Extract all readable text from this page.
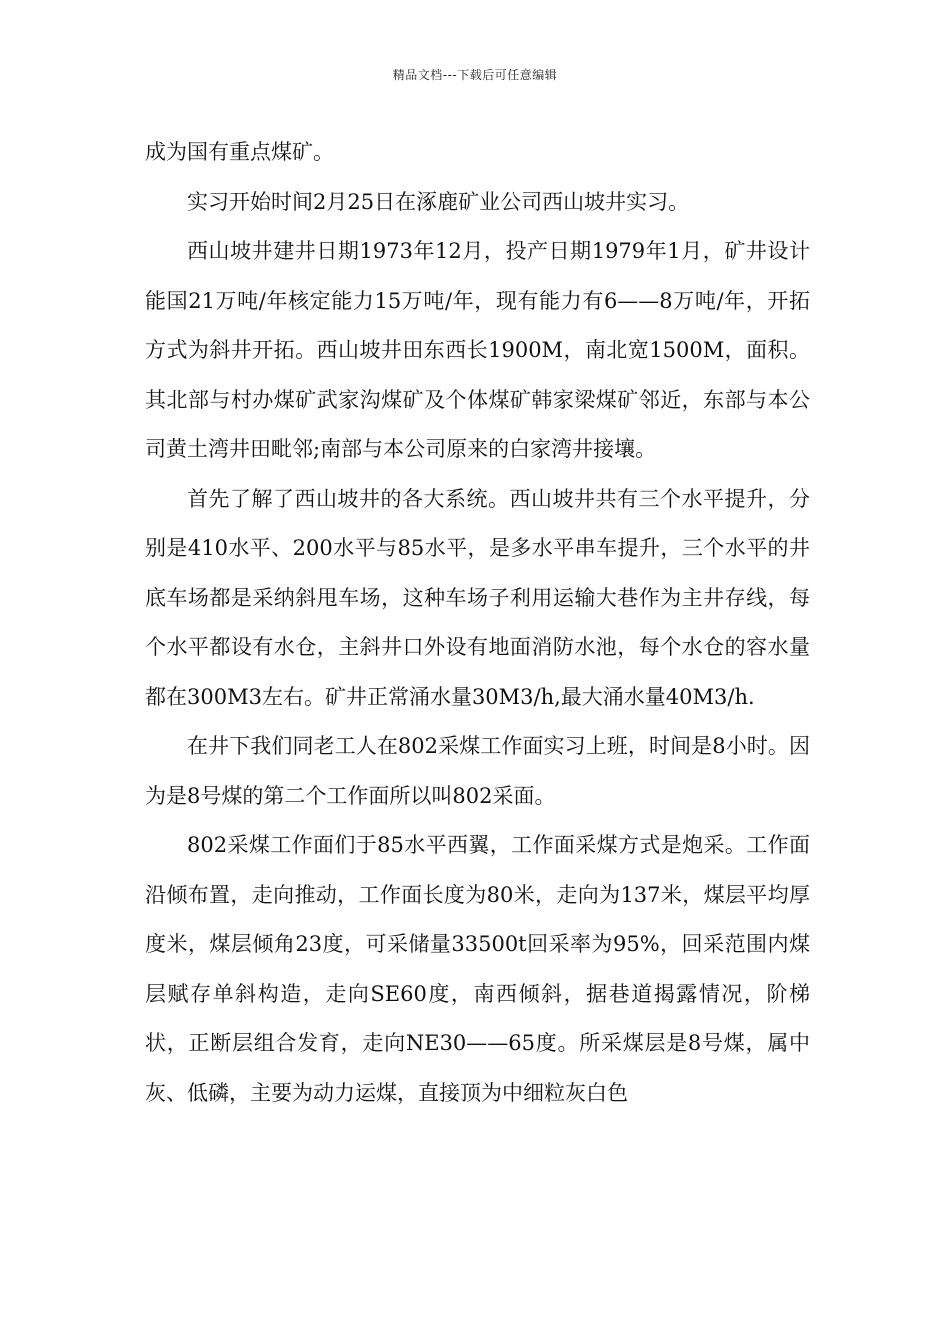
精品文档---下载后可任意编辑

成为国有重点煤矿。

实习开始时间2月25日在涿鹿矿业公司西山坡井实习。

西山坡井建井日期1973年12月，投产日期1979年1月，矿井设计能国21万吨/年核定能力15万吨/年，现有能力有6——8万吨/年，开拓方式为斜井开拓。西山坡井田东西长1900M，南北宽1500M，面积。其北部与村办煤矿武家沟煤矿及个体煤矿韩家梁煤矿邻近，东部与本公司黄土湾井田毗邻;南部与本公司原来的白家湾井接壤。

首先了解了西山坡井的各大系统。西山坡井共有三个水平提升，分别是410水平、200水平与85水平，是多水平串车提升，三个水平的井底车场都是采纳斜甩车场，这种车场子利用运输大巷作为主井存线，每个水平都设有水仓，主斜井口外设有地面消防水池，每个水仓的容水量都在300M3左右。矿井正常涌水量30M3/h,最大涌水量40M3/h.

在井下我们同老工人在802采煤工作面实习上班，时间是8小时。因为是8号煤的第二个工作面所以叫802采面。

802采煤工作面们于85水平西翼，工作面采煤方式是炮采。工作面沿倾布置，走向推动，工作面长度为80米，走向为137米，煤层平均厚度米，煤层倾角23度，可采储量33500t回采率为95%，回采范围内煤层赋存单斜构造，走向SE60度，南西倾斜，据巷道揭露情况，阶梯状，正断层组合发育，走向NE30——65度。所采煤层是8号煤，属中灰、低磷，主要为动力运煤，直接顶为中细粒灰白色
